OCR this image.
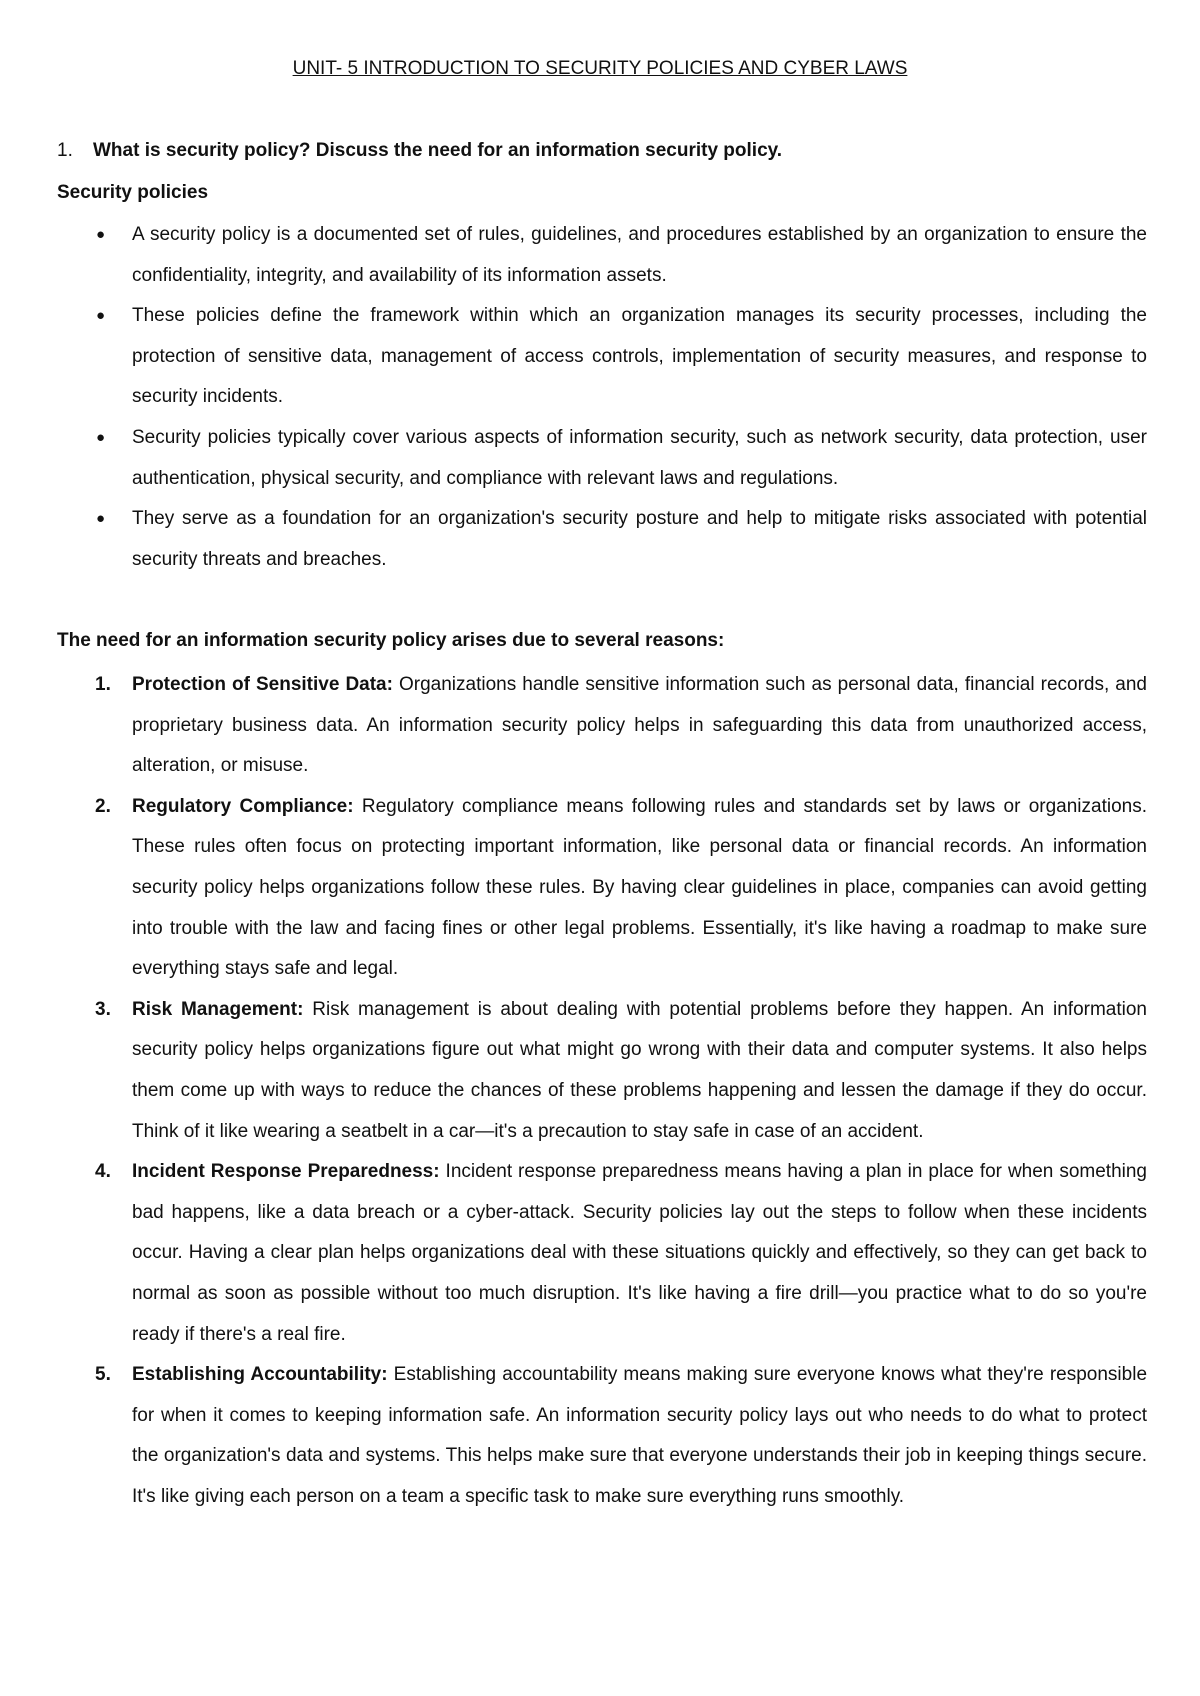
UNIT- 5 INTRODUCTION TO SECURITY POLICIES AND CYBER LAWS
1. What is security policy? Discuss the need for an information security policy.
Security policies
● A security policy is a documented set of rules, guidelines, and procedures established by an organization to ensure the confidentiality, integrity, and availability of its information assets.
● These policies define the framework within which an organization manages its security processes, including the protection of sensitive data, management of access controls, implementation of security measures, and response to security incidents.
● Security policies typically cover various aspects of information security, such as network security, data protection, user authentication, physical security, and compliance with relevant laws and regulations.
● They serve as a foundation for an organization's security posture and help to mitigate risks associated with potential security threats and breaches.
The need for an information security policy arises due to several reasons:
1. Protection of Sensitive Data: Organizations handle sensitive information such as personal data, financial records, and proprietary business data. An information security policy helps in safeguarding this data from unauthorized access, alteration, or misuse.
2. Regulatory Compliance: Regulatory compliance means following rules and standards set by laws or organizations. These rules often focus on protecting important information, like personal data or financial records. An information security policy helps organizations follow these rules. By having clear guidelines in place, companies can avoid getting into trouble with the law and facing fines or other legal problems. Essentially, it's like having a roadmap to make sure everything stays safe and legal.
3. Risk Management: Risk management is about dealing with potential problems before they happen. An information security policy helps organizations figure out what might go wrong with their data and computer systems. It also helps them come up with ways to reduce the chances of these problems happening and lessen the damage if they do occur. Think of it like wearing a seatbelt in a car—it's a precaution to stay safe in case of an accident.
4. Incident Response Preparedness: Incident response preparedness means having a plan in place for when something bad happens, like a data breach or a cyber-attack. Security policies lay out the steps to follow when these incidents occur. Having a clear plan helps organizations deal with these situations quickly and effectively, so they can get back to normal as soon as possible without too much disruption. It's like having a fire drill—you practice what to do so you're ready if there's a real fire.
5. Establishing Accountability: Establishing accountability means making sure everyone knows what they're responsible for when it comes to keeping information safe. An information security policy lays out who needs to do what to protect the organization's data and systems. This helps make sure that everyone understands their job in keeping things secure. It's like giving each person on a team a specific task to make sure everything runs smoothly.
